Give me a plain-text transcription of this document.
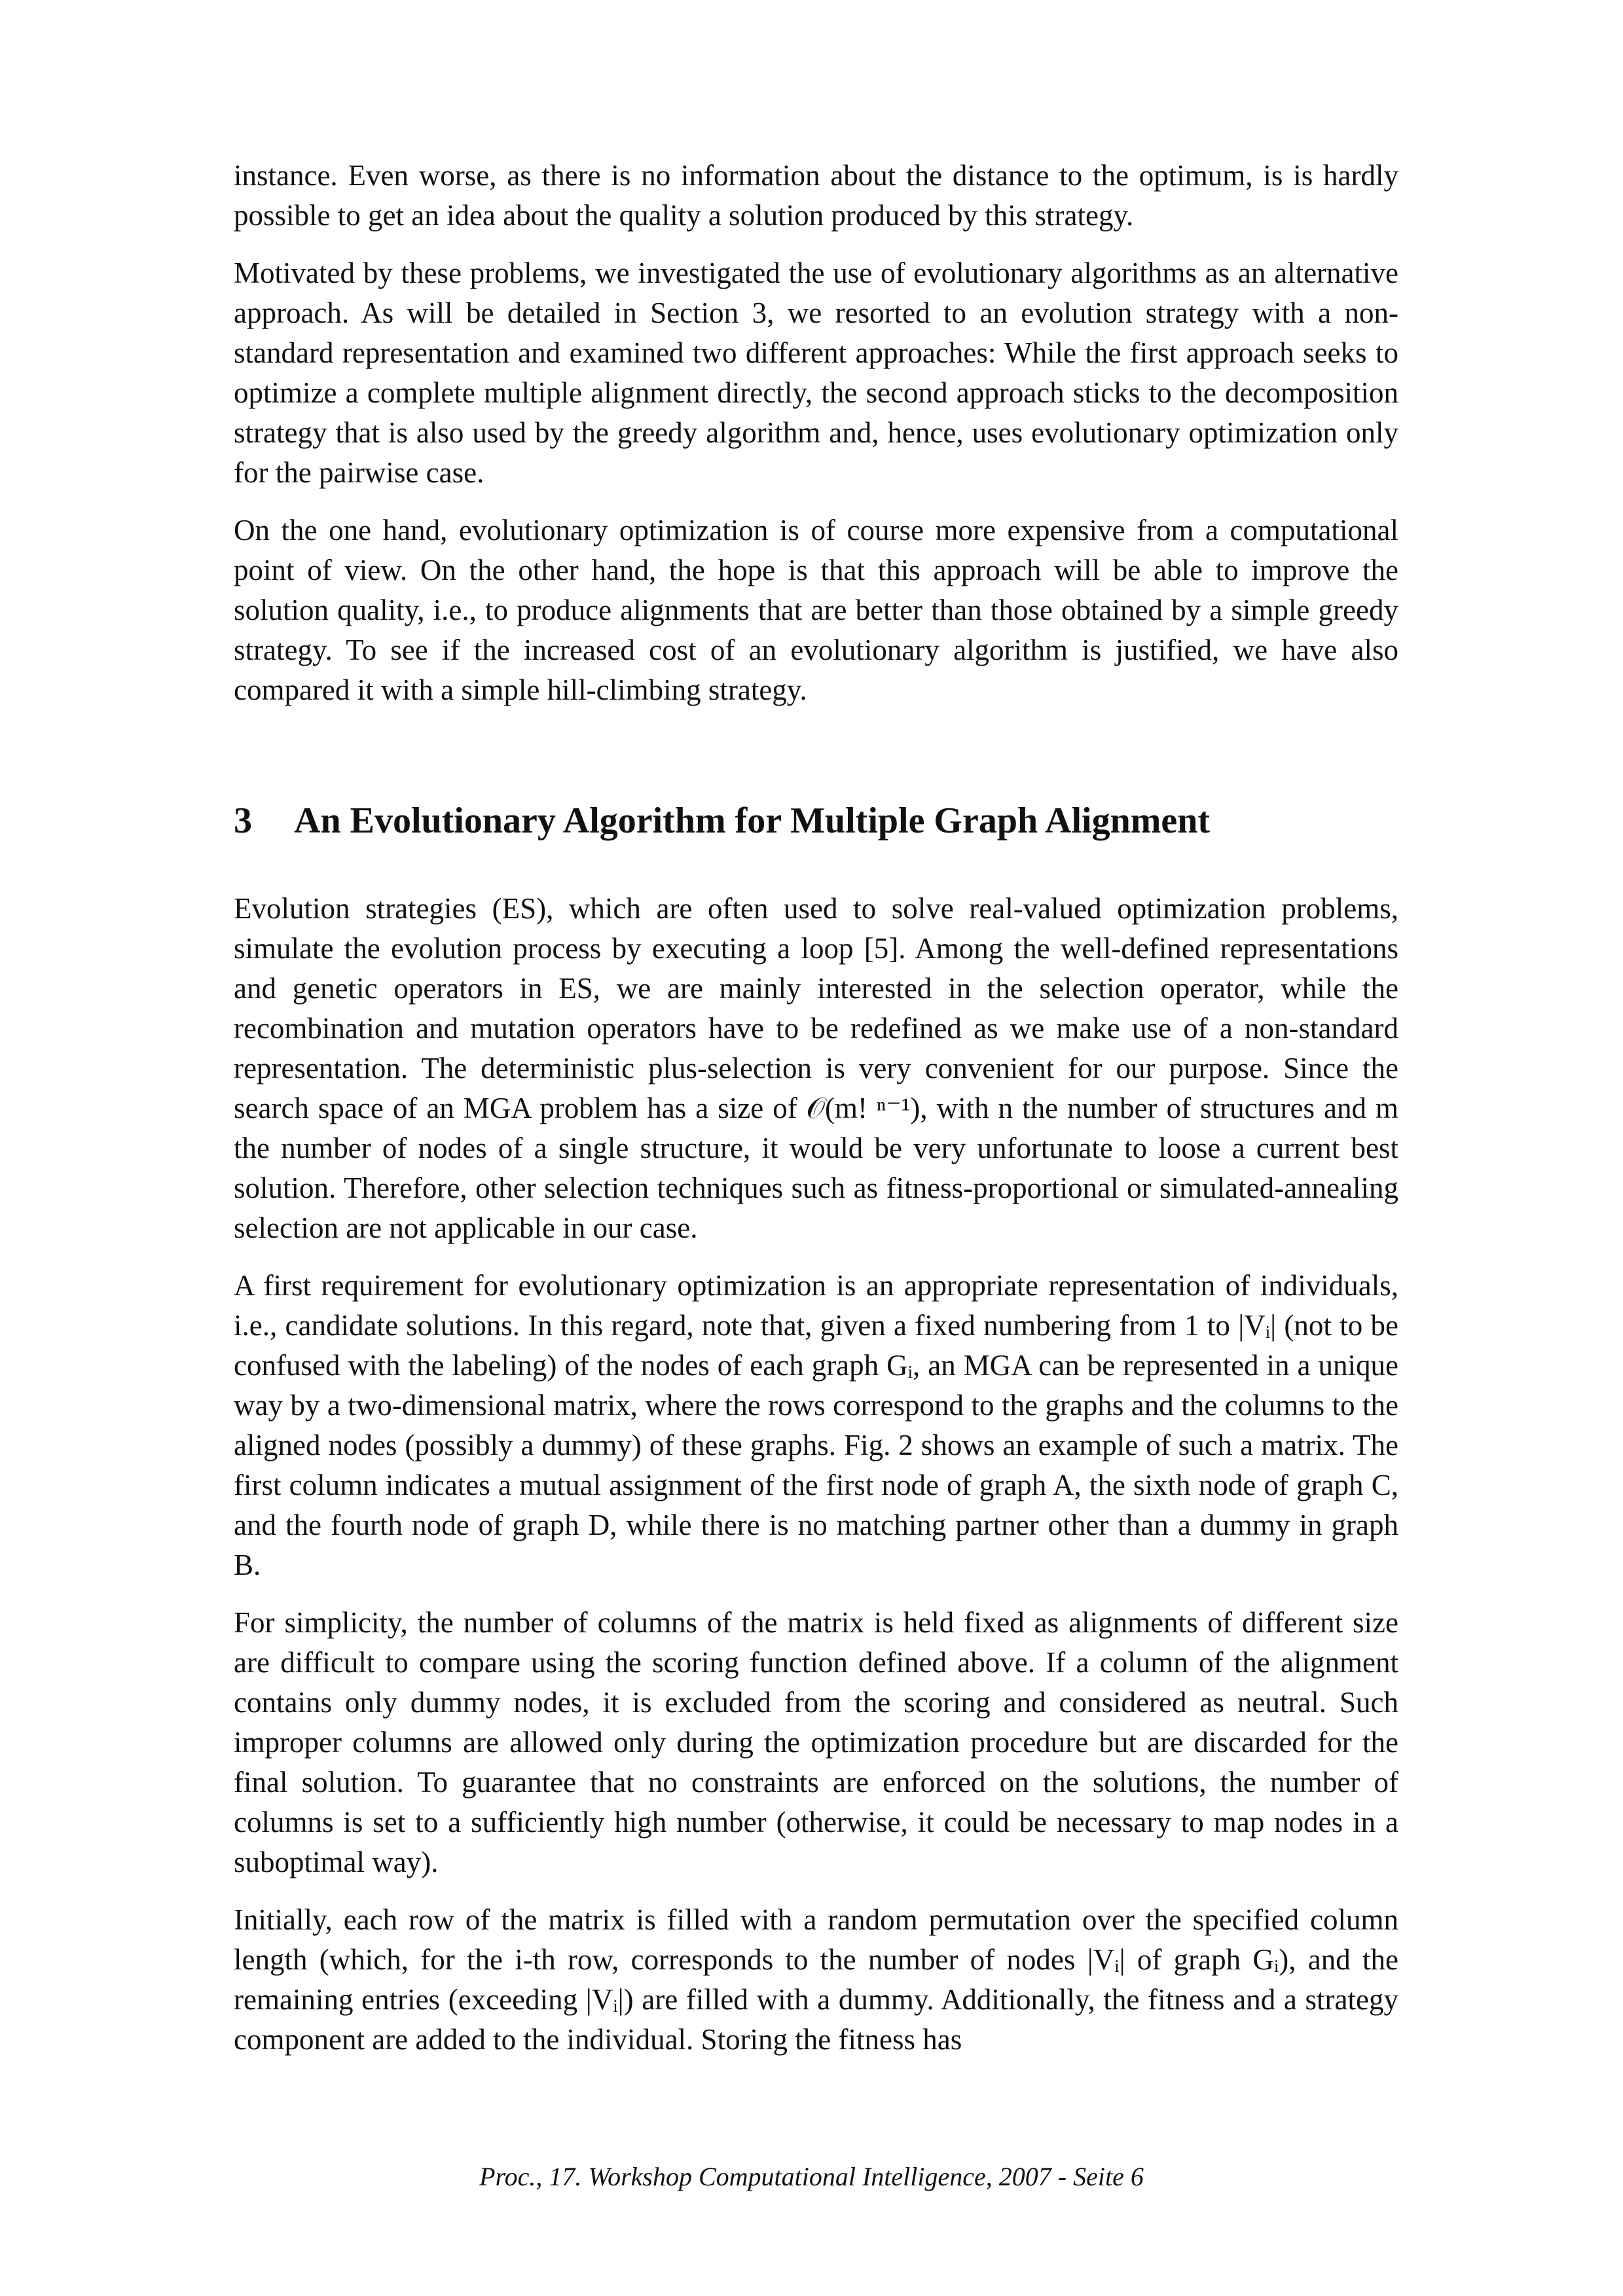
instance. Even worse, as there is no information about the distance to the optimum, is is hardly possible to get an idea about the quality a solution produced by this strategy.

Motivated by these problems, we investigated the use of evolutionary algorithms as an alternative approach. As will be detailed in Section 3, we resorted to an evolution strategy with a non-standard representation and examined two different approaches: While the first approach seeks to optimize a complete multiple alignment directly, the second approach sticks to the decomposition strategy that is also used by the greedy algorithm and, hence, uses evolutionary optimization only for the pairwise case.

On the one hand, evolutionary optimization is of course more expensive from a computational point of view. On the other hand, the hope is that this approach will be able to improve the solution quality, i.e., to produce alignments that are better than those obtained by a simple greedy strategy. To see if the increased cost of an evolutionary algorithm is justified, we have also compared it with a simple hill-climbing strategy.

3 An Evolutionary Algorithm for Multiple Graph Alignment

Evolution strategies (ES), which are often used to solve real-valued optimization problems, simulate the evolution process by executing a loop [5]. Among the well-defined representations and genetic operators in ES, we are mainly interested in the selection operator, while the recombination and mutation operators have to be redefined as we make use of a non-standard representation. The deterministic plus-selection is very convenient for our purpose. Since the search space of an MGA problem has a size of 𝒪(m! ⁿ⁻¹), with n the number of structures and m the number of nodes of a single structure, it would be very unfortunate to loose a current best solution. Therefore, other selection techniques such as fitness-proportional or simulated-annealing selection are not applicable in our case.

A first requirement for evolutionary optimization is an appropriate representation of individuals, i.e., candidate solutions. In this regard, note that, given a fixed numbering from 1 to |Vᵢ| (not to be confused with the labeling) of the nodes of each graph Gᵢ, an MGA can be represented in a unique way by a two-dimensional matrix, where the rows correspond to the graphs and the columns to the aligned nodes (possibly a dummy) of these graphs. Fig. 2 shows an example of such a matrix. The first column indicates a mutual assignment of the first node of graph A, the sixth node of graph C, and the fourth node of graph D, while there is no matching partner other than a dummy in graph B.

For simplicity, the number of columns of the matrix is held fixed as alignments of different size are difficult to compare using the scoring function defined above. If a column of the alignment contains only dummy nodes, it is excluded from the scoring and considered as neutral. Such improper columns are allowed only during the optimization procedure but are discarded for the final solution. To guarantee that no constraints are enforced on the solutions, the number of columns is set to a sufficiently high number (otherwise, it could be necessary to map nodes in a suboptimal way).

Initially, each row of the matrix is filled with a random permutation over the specified column length (which, for the i-th row, corresponds to the number of nodes |Vᵢ| of graph Gᵢ), and the remaining entries (exceeding |Vᵢ|) are filled with a dummy. Additionally, the fitness and a strategy component are added to the individual. Storing the fitness has

Proc., 17. Workshop Computational Intelligence, 2007 - Seite 6
